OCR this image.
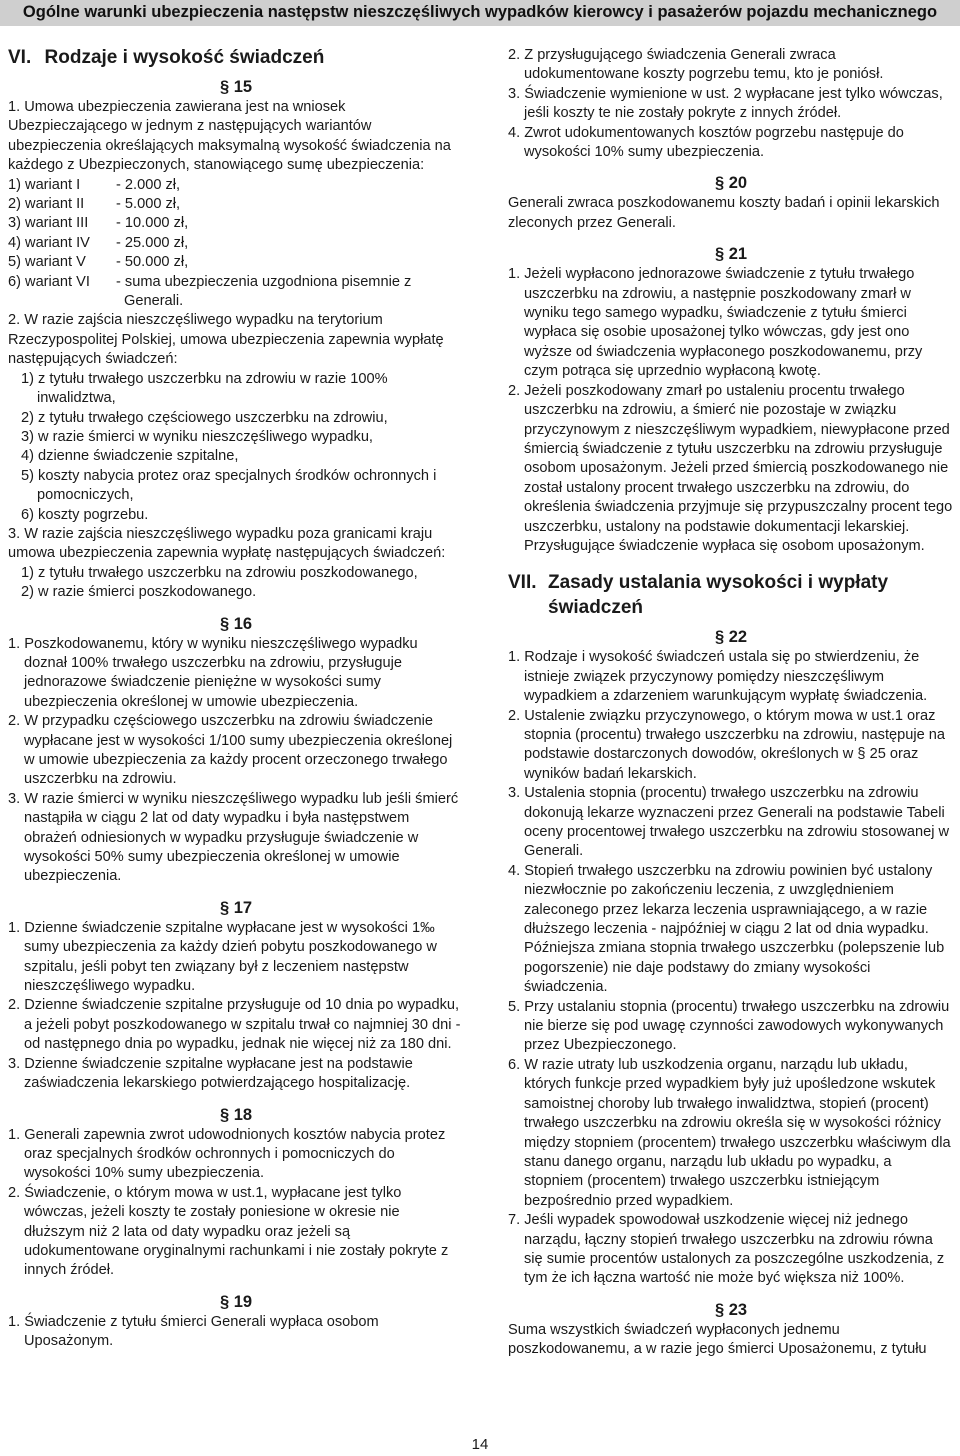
Ogólne warunki ubezpieczenia następstw nieszczęśliwych wypadków kierowcy i pasażerów pojazdu mechanicznego
VI. Rodzaje i wysokość świadczeń
§ 15

1. Umowa ubezpieczenia zawierana jest na wniosek Ubezpieczającego w jednym z następujących wariantów ubezpieczenia określających maksymalną wysokość świadczenia na każdego z Ubezpieczonych, stanowiącego sumę ubezpieczenia:

1) wariant I	- 2.000 zł,
2) wariant II	- 5.000 zł,
3) wariant III	- 10.000 zł,
4) wariant IV	- 25.000 zł,
5) wariant V	- 50.000 zł,
6) wariant VI	- suma ubezpieczenia uzgodniona pisemnie z Generali.

2. W razie zajścia nieszczęśliwego wypadku na terytorium Rzeczypospolitej Polskiej, umowa ubezpieczenia zapewnia wypłatę następujących świadczeń:

1) z tytułu trwałego uszczerbku na zdrowiu w razie 100% inwalidztwa,
2) z tytułu trwałego częściowego uszczerbku na zdrowiu,
3) w razie śmierci w wyniku nieszczęśliwego wypadku,
4) dzienne świadczenie szpitalne,
5) koszty nabycia protez oraz specjalnych środków ochronnych i pomocniczych,
6) koszty pogrzebu.

3. W razie zajścia nieszczęśliwego wypadku poza granicami kraju umowa ubezpieczenia zapewnia wypłatę następujących świadczeń:

1) z tytułu trwałego uszczerbku na zdrowiu poszkodowanego,
2) w razie śmierci poszkodowanego.
§ 16

1. Poszkodowanemu, który w wyniku nieszczęśliwego wypadku doznał 100% trwałego uszczerbku na zdrowiu, przysługuje jednorazowe świadczenie pieniężne w wysokości sumy ubezpieczenia określonej w umowie ubezpieczenia.

2. W przypadku częściowego uszczerbku na zdrowiu świadczenie wypłacane jest w wysokości 1/100 sumy ubezpieczenia określonej w umowie ubezpieczenia za każdy procent orzeczonego trwałego uszczerbku na zdrowiu.

3. W razie śmierci w wyniku nieszczęśliwego wypadku lub jeśli śmierć nastąpiła w ciągu 2 lat od daty wypadku i była następstwem obrażeń odniesionych w wypadku przysługuje świadczenie w wysokości 50% sumy ubezpieczenia określonej w umowie ubezpieczenia.

§ 17

1. Dzienne świadczenie szpitalne wypłacane jest w wysokości 1‰ sumy ubezpieczenia za każdy dzień pobytu poszkodowanego w szpitalu, jeśli pobyt ten związany był z leczeniem następstw nieszczęśliwego wypadku.

2. Dzienne świadczenie szpitalne przysługuje od 10 dnia po wypadku, a jeżeli pobyt poszkodowanego w szpitalu trwał co najmniej 30 dni - od następnego dnia po wypadku, jednak nie więcej niż za 180 dni.

3. Dzienne świadczenie szpitalne wypłacane jest na podstawie zaświadczenia lekarskiego potwierdzającego hospitalizację.

§ 18

1. Generali zapewnia zwrot udowodnionych kosztów nabycia protez oraz specjalnych środków ochronnych i pomocniczych do wysokości 10% sumy ubezpieczenia.

2. Świadczenie, o którym mowa w ust.1, wypłacane jest tylko wówczas, jeżeli koszty te zostały poniesione w okresie nie dłuższym niż 2 lata od daty wypadku oraz jeżeli są udokumentowane oryginalnymi rachunkami i nie zostały pokryte z innych źródeł.

§ 19

1. Świadczenie z tytułu śmierci Generali wypłaca osobom Uposażonym.

2. Z przysługującego świadczenia Generali zwraca udokumentowane koszty pogrzebu temu, kto je poniósł.

3. Świadczenie wymienione w ust. 2 wypłacane jest tylko wówczas, jeśli koszty te nie zostały pokryte z innych źródeł.

4. Zwrot udokumentowanych kosztów pogrzebu następuje do wysokości 10% sumy ubezpieczenia.

§ 20

Generali zwraca poszkodowanemu koszty badań i opinii lekarskich zleconych przez Generali.

§ 21

1. Jeżeli wypłacono jednorazowe świadczenie z tytułu trwałego uszczerbku na zdrowiu, a następnie poszkodowany zmarł w wyniku tego samego wypadku, świadczenie z tytułu śmierci wypłaca się osobie uposażonej tylko wówczas, gdy jest ono wyższe od świadczenia wypłaconego poszkodowanemu, przy czym potrąca się uprzednio wypłaconą kwotę.

2. Jeżeli poszkodowany zmarł po ustaleniu procentu trwałego uszczerbku na zdrowiu, a śmierć nie pozostaje w związku przyczynowym z nieszczęśliwym wypadkiem, niewypłacone przed śmiercią świadczenie z tytułu uszczerbku na zdrowiu przysługuje osobom uposażonym. Jeżeli przed śmiercią poszkodowanego nie został ustalony procent trwałego uszczerbku na zdrowiu, do określenia świadczenia przyjmuje się przypuszczalny procent tego uszczerbku, ustalony na podstawie dokumentacji lekarskiej. Przysługujące świadczenie wypłaca się osobom uposażonym.

VII. Zasady ustalania wysokości i wypłaty świadczeń
§ 22

1. Rodzaje i wysokość świadczeń ustala się po stwierdzeniu, że istnieje związek przyczynowy pomiędzy nieszczęśliwym wypadkiem a zdarzeniem warunkującym wypłatę świadczenia.

2. Ustalenie związku przyczynowego, o którym mowa w ust.1 oraz stopnia (procentu) trwałego uszczerbku na zdrowiu, następuje na podstawie dostarczonych dowodów, określonych w § 25 oraz wyników badań lekarskich.

3. Ustalenia stopnia (procentu) trwałego uszczerbku na zdrowiu dokonują lekarze wyznaczeni przez Generali na podstawie Tabeli oceny procentowej trwałego uszczerbku na zdrowiu stosowanej w Generali.

4. Stopień trwałego uszczerbku na zdrowiu powinien być ustalony niezwłocznie po zakończeniu leczenia, z uwzględnieniem zaleconego przez lekarza leczenia usprawniającego, a w razie dłuższego leczenia - najpóźniej w ciągu 2 lat od dnia wypadku. Późniejsza zmiana stopnia trwałego uszczerbku (polepszenie lub pogorszenie) nie daje podstawy do zmiany wysokości świadczenia.

5. Przy ustalaniu stopnia (procentu) trwałego uszczerbku na zdrowiu nie bierze się pod uwagę czynności zawodowych wykonywanych przez Ubezpieczonego.

6. W razie utraty lub uszkodzenia organu, narządu lub układu, których funkcje przed wypadkiem były już upośledzone wskutek samoistnej choroby lub trwałego inwalidztwa, stopień (procent) trwałego uszczerbku na zdrowiu określa się w wysokości różnicy między stopniem (procentem) trwałego uszczerbku właściwym dla stanu danego organu, narządu lub układu po wypadku, a stopniem (procentem) trwałego uszczerbku istniejącym bezpośrednio przed wypadkiem.

7. Jeśli wypadek spowodował uszkodzenie więcej niż jednego narządu, łączny stopień trwałego uszczerbku na zdrowiu równa się sumie procentów ustalonych za poszczególne uszkodzenia, z tym że ich łączna wartość nie może być większa niż 100%.

§ 23

Suma wszystkich świadczeń wypłaconych jednemu poszkodowanemu, a w razie jego śmierci Uposażonemu, z tytułu

14
